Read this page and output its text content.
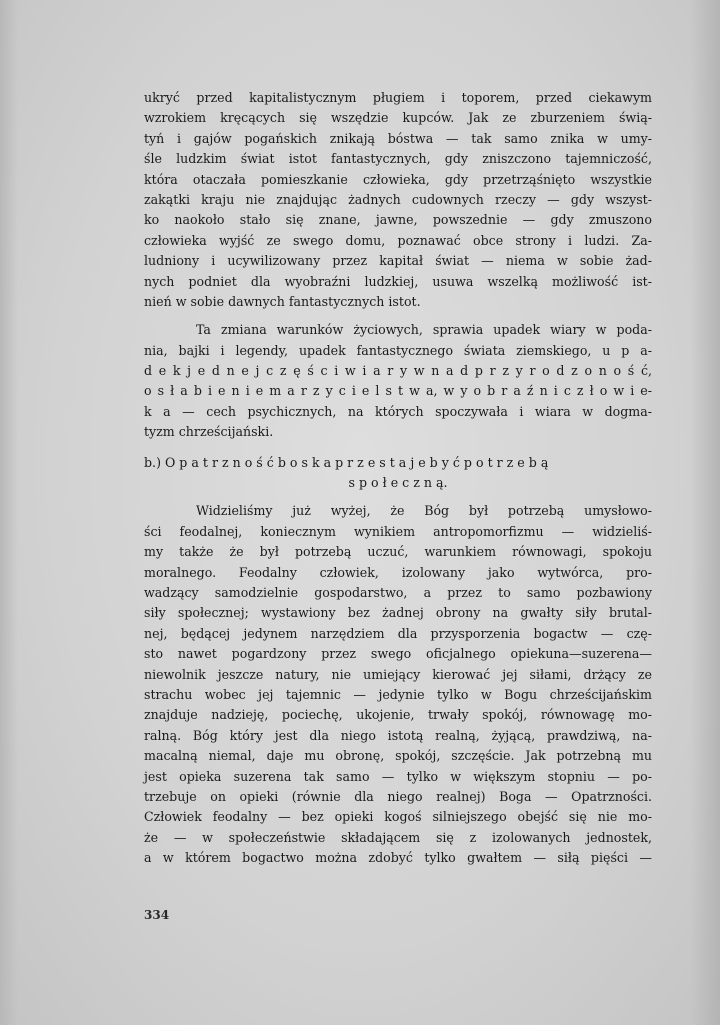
ukryć przed kapitalistycznym pługiem i toporem, przed ciekawym
wzrokiem kręcących się wszędzie kupców. Jak ze zburzeniem świą-
tyń i gajów pogańskich znikają bóstwa — tak samo znika w umy-
śle ludzkim świat istot fantastycznych, gdy zniszczono tajemniczość,
która otaczała pomieszkanie człowieka, gdy przetrząśnięto wszystkie
zakątki kraju nie znajdując żadnych cudownych rzeczy — gdy wszyst-
ko naokoło stało się znane, jawne, powszednie — gdy zmuszono
człowieka wyjść ze swego domu, poznawać obce strony i ludzi. Za-
ludniony i ucywilizowany przez kapitał świat — niema w sobie żad-
nych podniet dla wyobraźni ludzkiej, usuwa wszelką możliwość ist-
nień w sobie dawnych fantastycznych istot.
Ta zmiana warunków życiowych, sprawia upadek wiary w poda-
nia, bajki i legendy, upadek fantastycznego świata ziemskiego, u p a-
d e k j e d n e j c z ę ś c i w i a r y w n a d p r z y r o d z o n o ś ć,
o s ł a b i e n i e m a r z y c i e l s t w a, w y o b r a ź n i c z ł o w i e-
k a — cech psychicznych, na których spoczywała i wiara w dogma-
tyzm chrześcijański.
b.) O p a t r z n o ś ć b o s k a p r z e s t a j e b y ć p o t r z e b ą
s p o ł e c z n ą.
Widzieliśmy już wyżej, że Bóg był potrzebą umysłowo-
ści feodalnej, koniecznym wynikiem antropomorfizmu — widzieliś-
my także że był potrzebą uczuć, warunkiem równowagi, spokoju
moralnego. Feodalny człowiek, izolowany jako wytwórca, pro-
wadzący samodzielnie gospodarstwo, a przez to samo pozbawiony
siły społecznej; wystawiony bez żadnej obrony na gwałty siły brutal-
nej, będącej jedynem narzędziem dla przysporzenia bogactw — czę-
sto nawet pogardzony przez swego oficjalnego opiekuna—suzerena—
niewolnik jeszcze natury, nie umiejący kierować jej siłami, drżący ze
strachu wobec jej tajemnic — jedynie tylko w Bogu chrześcijańskim
znajduje nadzieję, pociechę, ukojenie, trwały spokój, równowagę mo-
ralną. Bóg który jest dla niego istotą realną, żyjącą, prawdziwą, na-
macalną niemal, daje mu obronę, spokój, szczęście. Jak potrzebną mu
jest opieka suzerena tak samo — tylko w większym stopniu — po-
trzebuje on opieki (równie dla niego realnej) Boga — Opatrzności.
Człowiek feodalny — bez opieki kogoś silniejszego obejść się nie mo-
że — w społeczeństwie składającem się z izolowanych jednostek,
a w którem bogactwo można zdobyć tylko gwałtem — siłą pięści —
334
